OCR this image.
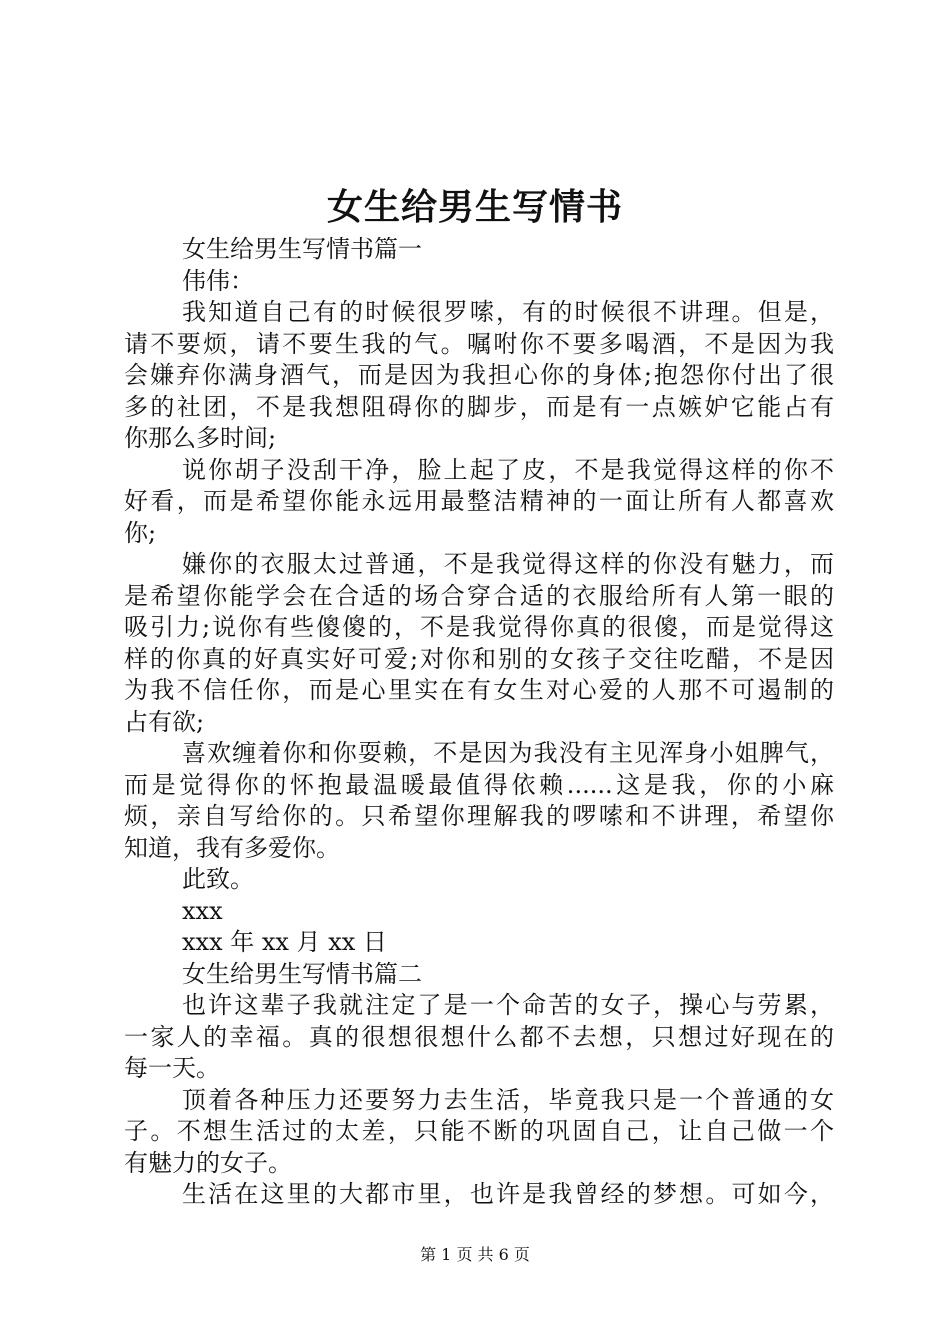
女生给男生写情书
女生给男生写情书篇一
伟伟：
我知道自己有的时候很罗嗦，有的时候很不讲理。但是，
请不要烦，请不要生我的气。嘱咐你不要多喝酒，不是因为我
会嫌弃你满身酒气，而是因为我担心你的身体;抱怨你付出了很
多的社团，不是我想阻碍你的脚步，而是有一点嫉妒它能占有
你那么多时间;
说你胡子没刮干净，脸上起了皮，不是我觉得这样的你不
好看，而是希望你能永远用最整洁精神的一面让所有人都喜欢
你;
嫌你的衣服太过普通，不是我觉得这样的你没有魅力，而
是希望你能学会在合适的场合穿合适的衣服给所有人第一眼的
吸引力;说你有些傻傻的，不是我觉得你真的很傻，而是觉得这
样的你真的好真实好可爱;对你和别的女孩子交往吃醋，不是因
为我不信任你，而是心里实在有女生对心爱的人那不可遏制的
占有欲;
喜欢缠着你和你耍赖，不是因为我没有主见浑身小姐脾气，
而是觉得你的怀抱最温暖最值得依赖......这是我，你的小麻
烦，亲自写给你的。只希望你理解我的啰嗦和不讲理，希望你
知道，我有多爱你。
此致。
xxx
xxx 年 xx 月 xx 日
女生给男生写情书篇二
也许这辈子我就注定了是一个命苦的女子，操心与劳累，
一家人的幸福。真的很想很想什么都不去想，只想过好现在的
每一天。
顶着各种压力还要努力去生活，毕竟我只是一个普通的女
子。不想生活过的太差，只能不断的巩固自己，让自己做一个
有魅力的女子。
生活在这里的大都市里，也许是我曾经的梦想。可如今，
第 1 页 共 6 页
